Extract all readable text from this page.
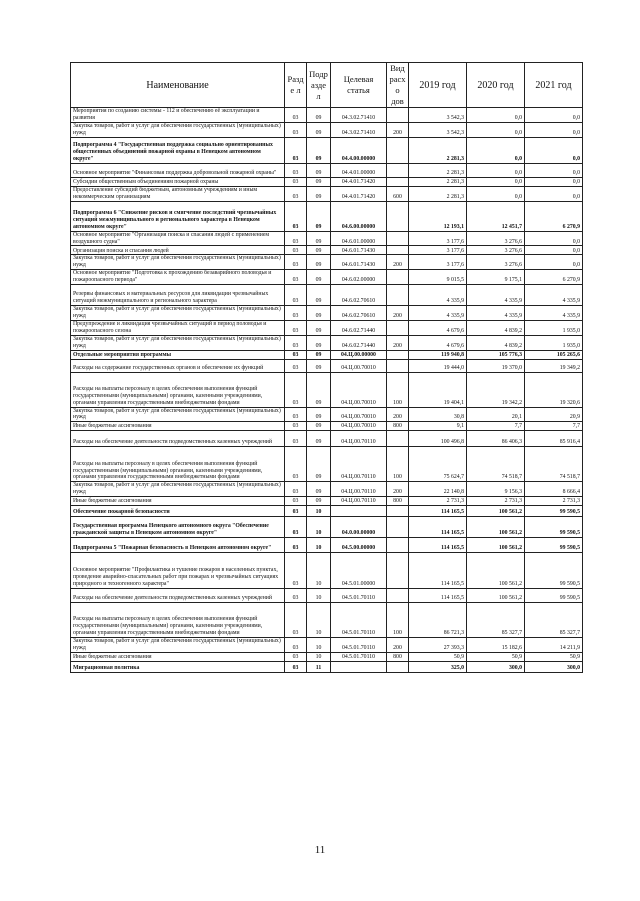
Наименование	Разде л	Подр аздел	Целевая статья	Вид расхо дов	2019 год	2020 год	2021 год
Мероприятия по созданию системы - 112 и обеспечению её эксплуатации и развития	03	09	04.3.02.71410		3 542,3	0,0	0,0
Закупка товаров, работ и услуг для обеспечения государственных (муниципальных) нужд	03	09	04.3.02.71410	200	3 542,3	0,0	0,0
Подпрограмма 4 "Государственная поддержка социально ориентированных общественных объединений пожарной охраны в Ненецком автономном округе"	03	09	04.4.00.00000		2 281,3	0,0	0,0
Основное мероприятие "Финансовая поддержка добровольной пожарной охраны"	03	09	04.4.01.00000		2 281,3	0,0	0,0
Субсидии общественным объединениям пожарной охраны	03	09	04.4.01.71420		2 281,3	0,0	0,0
Предоставление субсидий бюджетным, автономным учреждениям и иным некоммерческим организациям	03	09	04.4.01.71420	600	2 281,3	0,0	0,0
Подпрограмма 6 "Снижение рисков и смягчение последствий чрезвычайных ситуаций межмуниципального и регионального характера в Ненецком автономном округе"	03	09	04.6.00.00000		12 193,1	12 451,7	6 270,9
Основное мероприятие "Организация поиска и спасания людей с применением воздушного судна"	03	09	04.6.01.00000		3 177,6	3 276,6	0,0
Организация поиска и спасания людей	03	09	04.6.01.71430		3 177,6	3 276,6	0,0
Закупка товаров, работ и услуг для обеспечения государственных (муниципальных) нужд	03	09	04.6.01.71430	200	3 177,6	3 276,6	0,0
Основное мероприятие "Подготовка к прохождению безаварийного половодья и пожароопасного периода"	03	09	04.6.02.00000		9 015,5	9 175,1	6 270,9
Резервы финансовых и материальных ресурсов для ликвидации чрезвычайных ситуаций межмуниципального и регионального характера	03	09	04.6.02.70610		4 335,9	4 335,9	4 335,9
Закупка товаров, работ и услуг для обеспечения государственных (муниципальных) нужд	03	09	04.6.02.70610	200	4 335,9	4 335,9	4 335,9
Предупреждение и ликвидация чрезвычайных ситуаций в период половодья и пожароопасного сезона	03	09	04.6.02.71440		4 679,6	4 839,2	1 935,0
Закупка товаров, работ и услуг для обеспечения государственных (муниципальных) нужд	03	09	04.6.02.71440	200	4 679,6	4 839,2	1 935,0
Отдельные мероприятия программы	03	09	04.Ц.00.00000		119 940,8	105 776,3	105 265,6
Расходы на содержание государственных органов и обеспечение их функций	03	09	04.Ц.00.70010		19 444,0	19 370,0	19 349,2
Расходы на выплаты персоналу в целях обеспечения выполнения функций государственными (муниципальными) органами, казенными учреждениями, органами управления государственными внебюджетными фондами	03	09	04.Ц.00.70010	100	19 404,1	19 342,2	19 320,6
Закупка товаров, работ и услуг для обеспечения государственных (муниципальных) нужд	03	09	04.Ц.00.70010	200	30,8	20,1	20,9
Иные бюджетные ассигнования	03	09	04.Ц.00.70010	800	9,1	7,7	7,7
Расходы на обеспечение деятельности подведомственных казенных учреждений	03	09	04.Ц.00.70110		100 496,8	86 406,3	85 916,4
Расходы на выплаты персоналу в целях обеспечения выполнения функций государственными (муниципальными) органами, казенными учреждениями, органами управления государственными внебюджетными фондами	03	09	04.Ц.00.70110	100	75 624,7	74 518,7	74 518,7
Закупка товаров, работ и услуг для обеспечения государственных (муниципальных) нужд	03	09	04.Ц.00.70110	200	22 140,8	9 156,3	8 666,4
Иные бюджетные ассигнования	03	09	04.Ц.00.70110	800	2 731,3	2 731,3	2 731,3
Обеспечение пожарной безопасности	03	10			114 165,5	100 561,2	99 590,5
Государственная программа Ненецкого автономного округа "Обеспечение гражданской защиты в Ненецком автономном округе"	03	10	04.0.00.00000		114 165,5	100 561,2	99 590,5
Подпрограмма 5 "Пожарная безопасность в Ненецком автономном округе"	03	10	04.5.00.00000		114 165,5	100 561,2	99 590,5
Основное мероприятие "Профилактика и тушение пожаров в населенных пунктах, проведение аварийно-спасательных работ при пожарах и чрезвычайных ситуациях природного и техногенного характера"	03	10	04.5.01.00000		114 165,5	100 561,2	99 590,5
Расходы на обеспечение деятельности подведомственных казенных учреждений	03	10	04.5.01.70110		114 165,5	100 561,2	99 590,5
Расходы на выплаты персоналу в целях обеспечения выполнения функций государственными (муниципальными) органами, казенными учреждениями, органами управления государственными внебюджетными фондами	03	10	04.5.01.70110	100	86 721,3	85 327,7	85 327,7
Закупка товаров, работ и услуг для обеспечения государственных (муниципальных) нужд	03	10	04.5.01.70110	200	27 393,3	15 182,6	14 211,9
Иные бюджетные ассигнования	03	10	04.5.01.70110	800	50,9	50,9	50,9
Миграционная политика	03	11			325,0	300,0	300,0
11
